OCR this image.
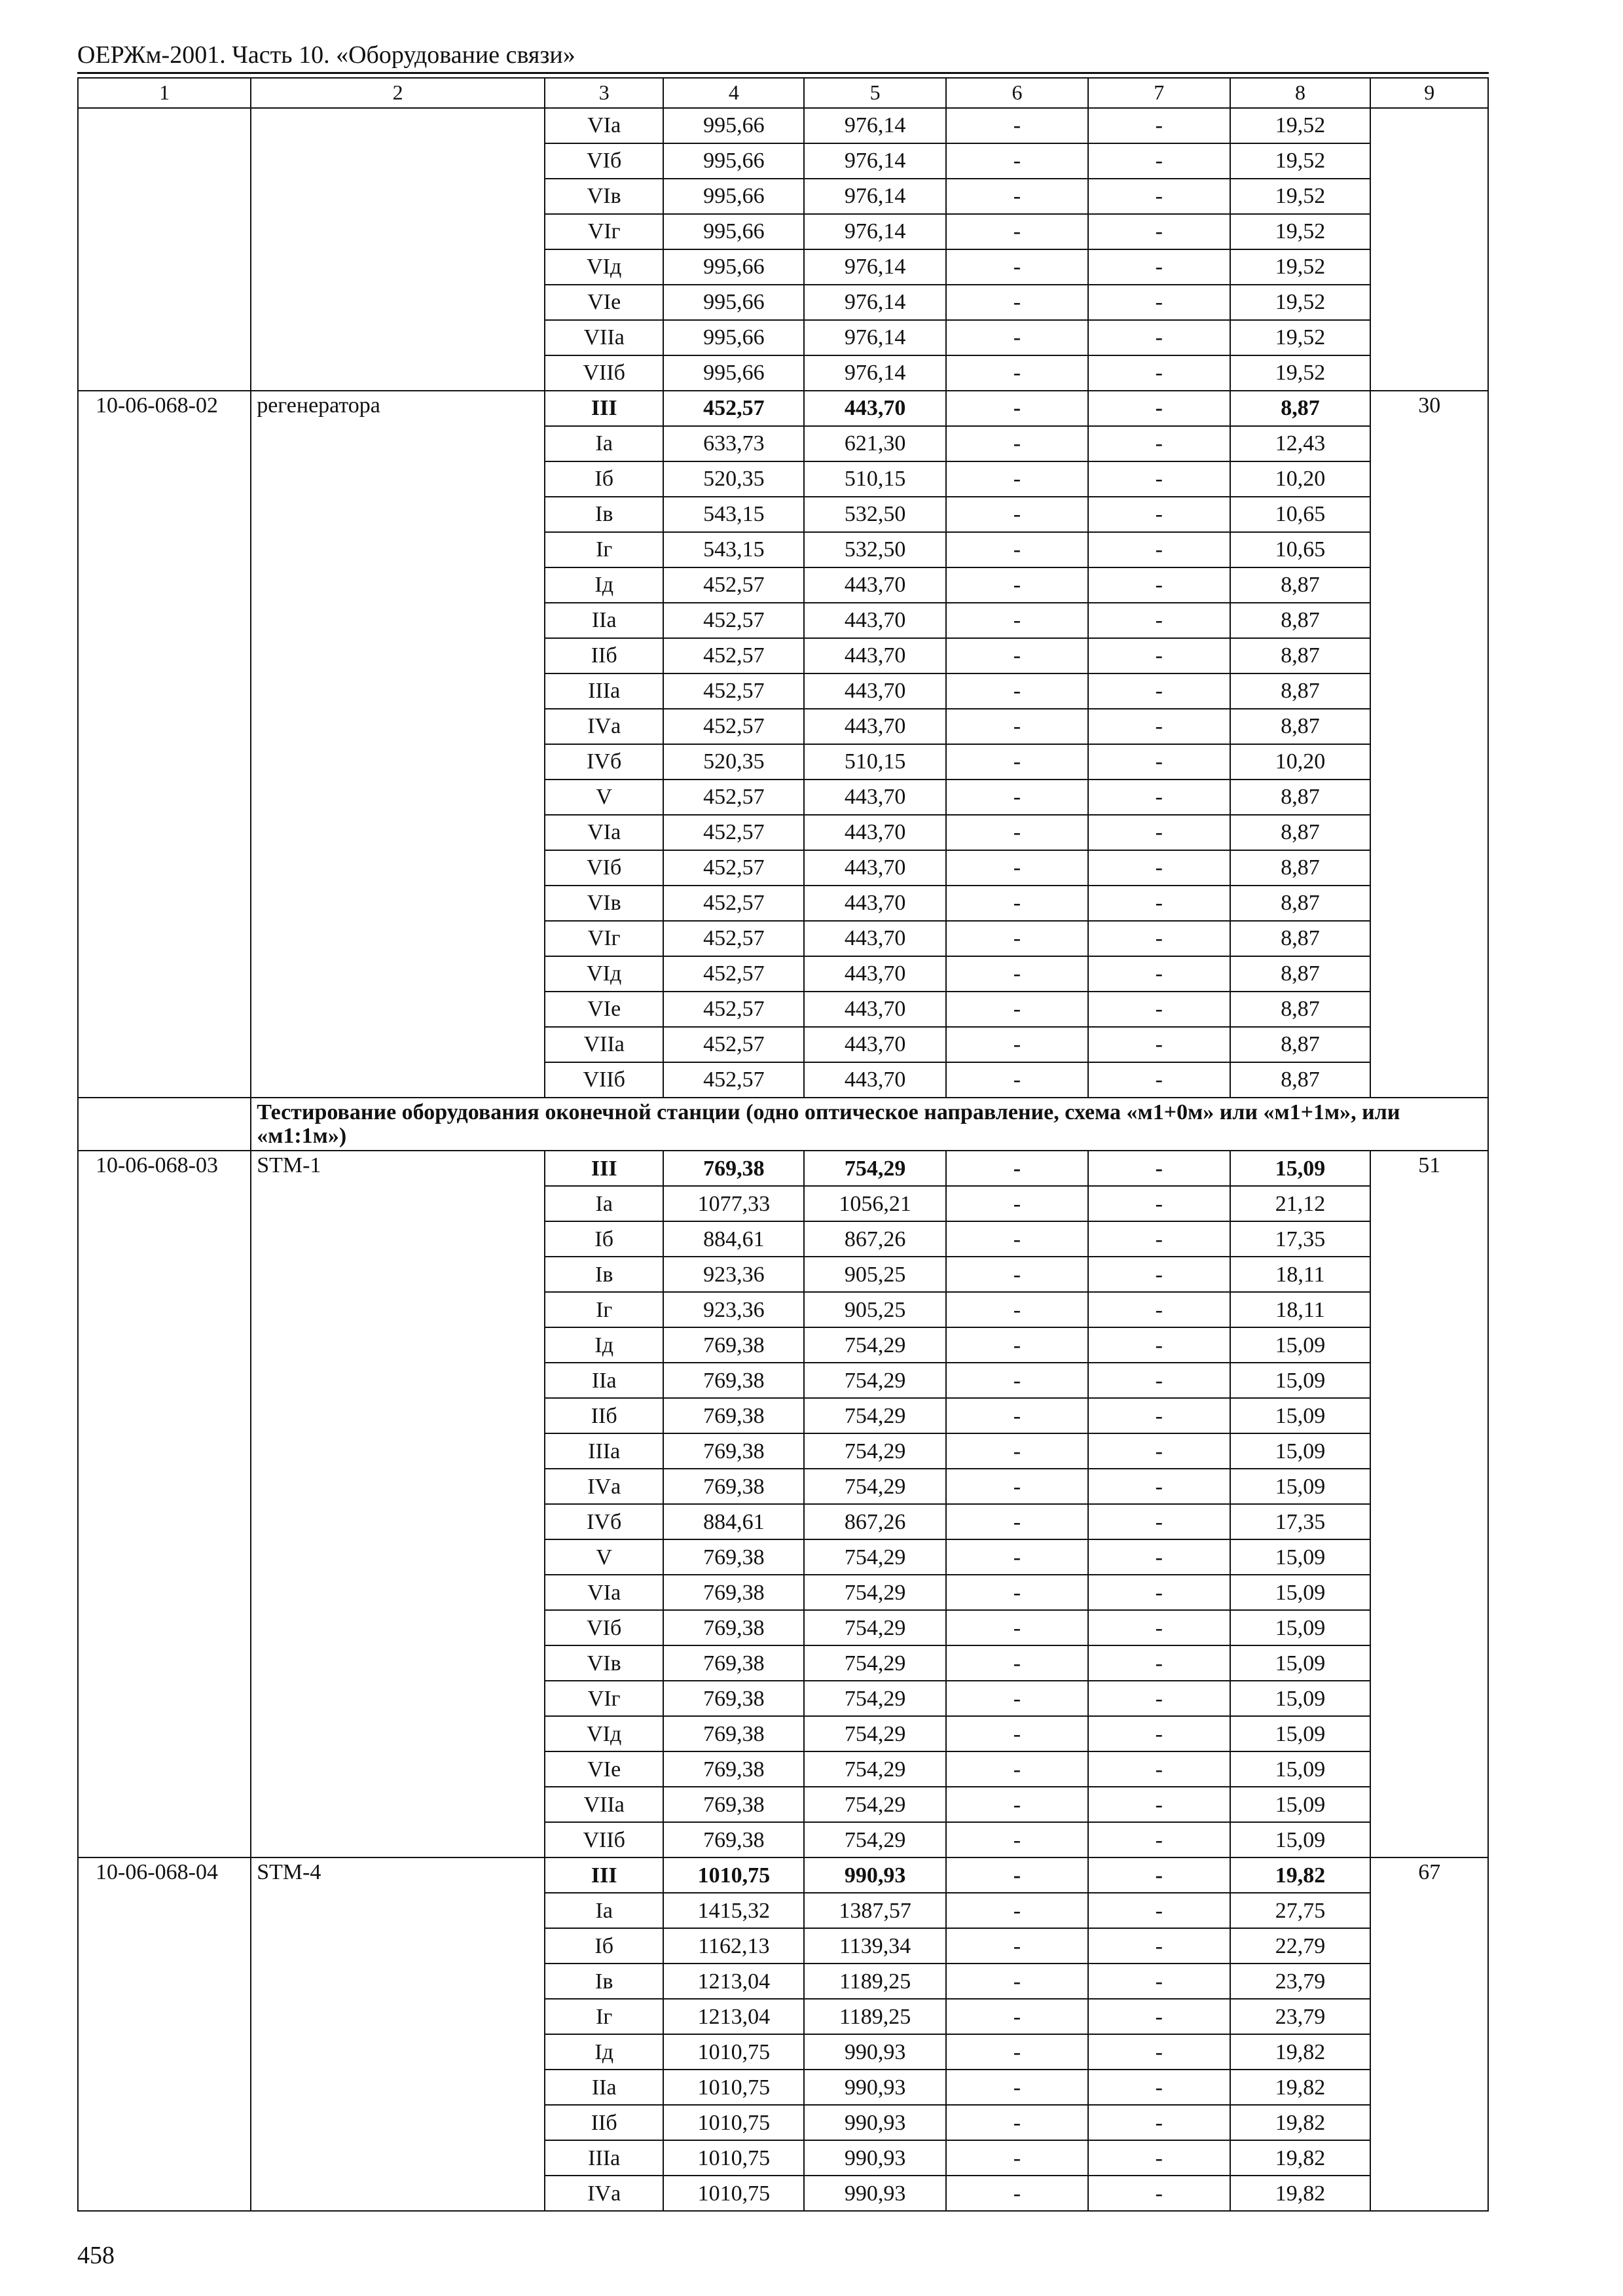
ОЕРЖм-2001. Часть 10. «Оборудование связи»
1	2	3	4	5	6	7	8	9
		VIа	995,66	976,14	-	-	19,52	
		VIб	995,66	976,14	-	-	19,52	
		VIв	995,66	976,14	-	-	19,52	
		VIг	995,66	976,14	-	-	19,52	
		VIд	995,66	976,14	-	-	19,52	
		VIе	995,66	976,14	-	-	19,52	
		VIIа	995,66	976,14	-	-	19,52	
		VIIб	995,66	976,14	-	-	19,52	
10-06-068-02	регенератора	III	452,57	443,70	-	-	8,87	30
		Iа	633,73	621,30	-	-	12,43	
		Iб	520,35	510,15	-	-	10,20	
		Iв	543,15	532,50	-	-	10,65	
		Iг	543,15	532,50	-	-	10,65	
		Iд	452,57	443,70	-	-	8,87	
		IIа	452,57	443,70	-	-	8,87	
		IIб	452,57	443,70	-	-	8,87	
		IIIа	452,57	443,70	-	-	8,87	
		IVа	452,57	443,70	-	-	8,87	
		IVб	520,35	510,15	-	-	10,20	
		V	452,57	443,70	-	-	8,87	
		VIа	452,57	443,70	-	-	8,87	
		VIб	452,57	443,70	-	-	8,87	
		VIв	452,57	443,70	-	-	8,87	
		VIг	452,57	443,70	-	-	8,87	
		VIд	452,57	443,70	-	-	8,87	
		VIе	452,57	443,70	-	-	8,87	
		VIIа	452,57	443,70	-	-	8,87	
		VIIб	452,57	443,70	-	-	8,87	
	Тестирование оборудования оконечной станции (одно оптическое направление, схема «м1+0м» или «м1+1м», или «м1:1м»)							
10-06-068-03	STM-1	III	769,38	754,29	-	-	15,09	51
		Iа	1077,33	1056,21	-	-	21,12	
		Iб	884,61	867,26	-	-	17,35	
		Iв	923,36	905,25	-	-	18,11	
		Iг	923,36	905,25	-	-	18,11	
		Iд	769,38	754,29	-	-	15,09	
		IIа	769,38	754,29	-	-	15,09	
		IIб	769,38	754,29	-	-	15,09	
		IIIа	769,38	754,29	-	-	15,09	
		IVа	769,38	754,29	-	-	15,09	
		IVб	884,61	867,26	-	-	17,35	
		V	769,38	754,29	-	-	15,09	
		VIа	769,38	754,29	-	-	15,09	
		VIб	769,38	754,29	-	-	15,09	
		VIв	769,38	754,29	-	-	15,09	
		VIг	769,38	754,29	-	-	15,09	
		VIд	769,38	754,29	-	-	15,09	
		VIе	769,38	754,29	-	-	15,09	
		VIIа	769,38	754,29	-	-	15,09	
		VIIб	769,38	754,29	-	-	15,09	
10-06-068-04	STM-4	III	1010,75	990,93	-	-	19,82	67
		Iа	1415,32	1387,57	-	-	27,75	
		Iб	1162,13	1139,34	-	-	22,79	
		Iв	1213,04	1189,25	-	-	23,79	
		Iг	1213,04	1189,25	-	-	23,79	
		Iд	1010,75	990,93	-	-	19,82	
		IIа	1010,75	990,93	-	-	19,82	
		IIб	1010,75	990,93	-	-	19,82	
		IIIа	1010,75	990,93	-	-	19,82	
		IVа	1010,75	990,93	-	-	19,82	
458
